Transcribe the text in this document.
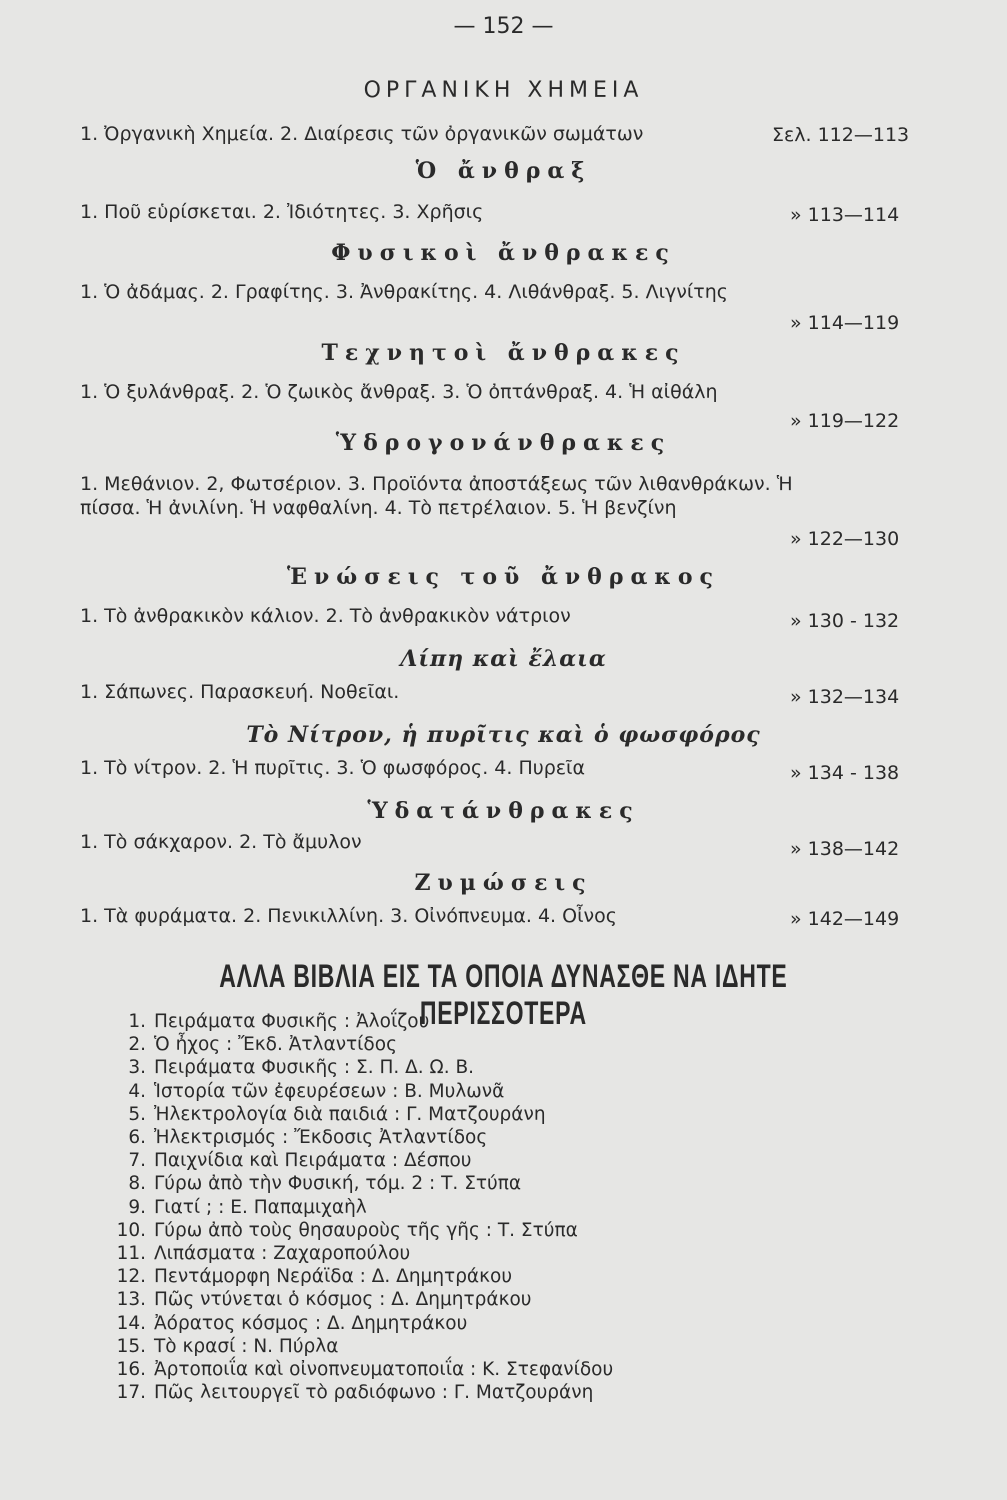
— 152 —
ΟΡΓΑΝΙΚΗ ΧΗΜΕΙΑ
1. Ὀργανικὴ Χημεία. 2. Διαίρεσις τῶν ὀργανικῶν σωμάτων	Σελ. 112—113
Ὁ ἄνθραξ
1. Ποῦ εὑρίσκεται. 2. Ἰδιότητες. 3. Χρῆσις	» 113—114
Φυσικοὶ ἄνθρακες
1. Ὁ ἀδάμας. 2. Γραφίτης. 3. Ἀνθρακίτης. 4. Λιθάνθραξ. 5. Λιγνίτης
» 114—119
Τεχνητοὶ ἄνθρακες
1. Ὁ ξυλάνθραξ. 2. Ὁ ζωικὸς ἄνθραξ. 3. Ὁ ὀπτάνθραξ. 4. Ἡ αἰθάλη
» 119—122
Ὑδρογονάνθρακες
1. Μεθάνιον. 2, Φωτσέριον. 3. Προϊόντα ἀποστάξεως τῶν λιθανθράκων. Ἡ πίσσα. Ἡ ἀνιλίνη. Ἡ ναφθαλίνη. 4. Τὸ πετρέλαιον. 5. Ἡ βενζίνη
» 122—130
Ἑνώσεις τοῦ ἄνθρακος
1. Τὸ ἀνθρακικὸν κάλιον. 2. Τὸ ἀνθρακικὸν νάτριον	» 130 - 132
Λίπη καὶ ἔλαια
1. Σάπωνες. Παρασκευή. Νοθεῖαι.	» 132—134
Τὸ Νίτρον, ἡ πυρῖτις καὶ ὁ φωσφόρος
1. Τὸ νίτρον. 2. Ἡ πυρῖτις. 3. Ὁ φωσφόρος. 4. Πυρεῖα	» 134 - 138
Ὑδατάνθρακες
1. Τὸ σάκχαρον. 2. Τὸ ἄμυλον	» 138—142
Ζυμώσεις
1. Τὰ φυράματα. 2. Πενικιλλίνη. 3. Οἰνόπνευμα. 4. Οἶνος	» 142—149
ΑΛΛΑ ΒΙΒΛΙΑ ΕΙΣ ΤΑ ΟΠΟΙΑ ΔΥΝΑΣΘΕ ΝΑ ΙΔΗΤΕ ΠΕΡΙΣΣΟΤΕΡΑ
1. Πειράματα Φυσικῆς : Ἀλοΐζου
2. Ὁ ἦχος : Ἔκδ. Ἀτλαντίδος
3. Πειράματα Φυσικῆς : Σ. Π. Δ. Ω. Β.
4. Ἱστορία τῶν ἐφευρέσεων : Β. Μυλωνᾶ
5. Ἠλεκτρολογία διὰ παιδιά : Γ. Ματζουράνη
6. Ἠλεκτρισμός : Ἔκδοσις Ἀτλαντίδος
7. Παιχνίδια καὶ Πειράματα : Δέσπου
8. Γύρω ἀπὸ τὴν Φυσική, τόμ. 2 : Τ. Στύπα
9. Γιατί ; : Ε. Παπαμιχαὴλ
10. Γύρω ἀπὸ τοὺς θησαυροὺς τῆς γῆς : Τ. Στύπα
11. Λιπάσματα : Ζαχαροπούλου
12. Πεντάμορφη Νεράϊδα : Δ. Δημητράκου
13. Πῶς ντύνεται ὁ κόσμος : Δ. Δημητράκου
14. Ἀόρατος κόσμος : Δ. Δημητράκου
15. Τὸ κρασί : Ν. Πύρλα
16. Ἀρτοποιΐα καὶ οἰνοπνευματοποιΐα : Κ. Στεφανίδου
17. Πῶς λειτουργεῖ τὸ ραδιόφωνο : Γ. Ματζουράνη
